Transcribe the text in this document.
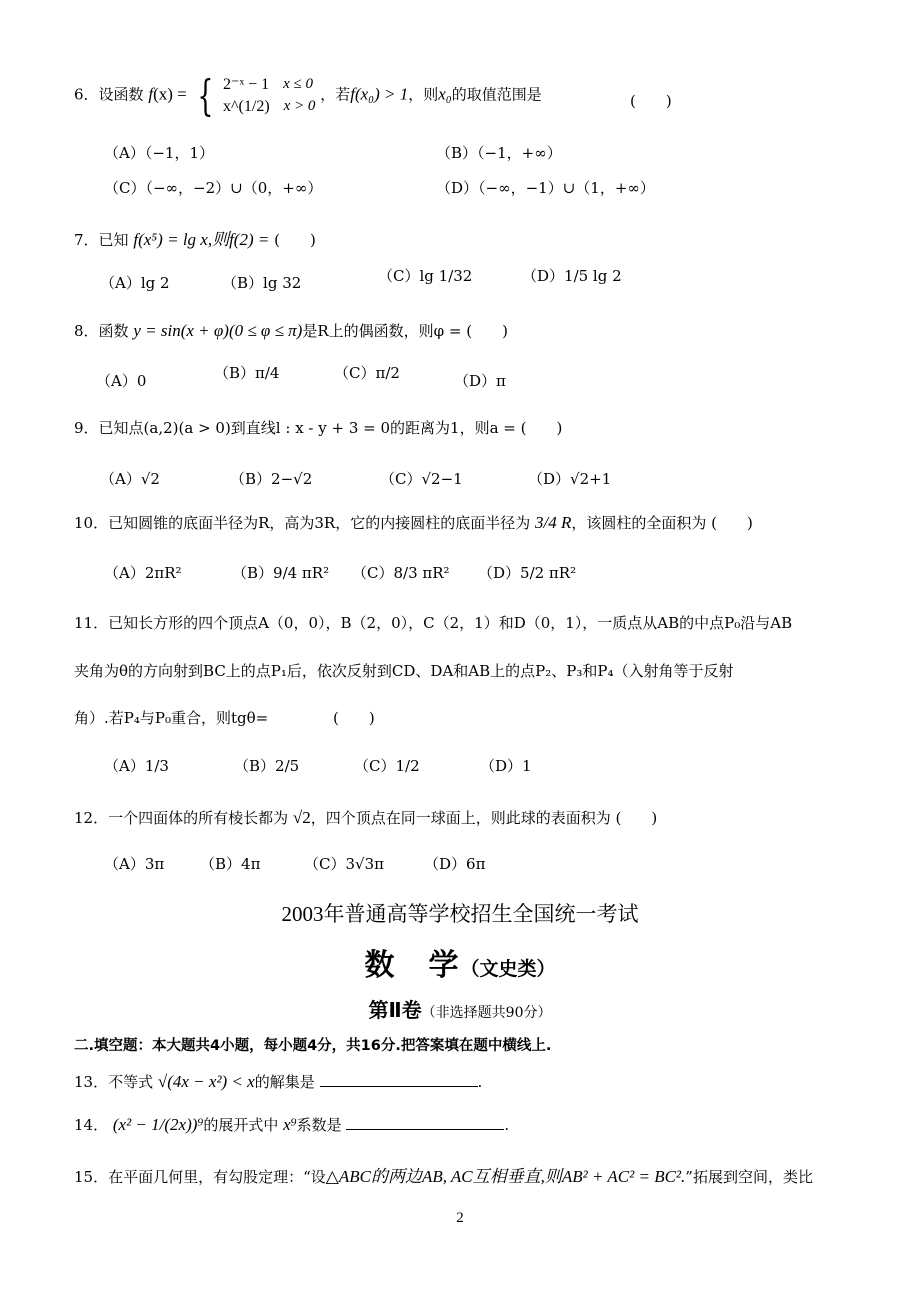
6．设函数 f(x) = { 2⁻ˣ − 1 x ≤ 0
x^(1/2) x > 0
，若f(x₀) > 1，则x₀的取值范围是	(　　)
（A）（−1，1）	（B）（−1，+∞）
（C）（−∞，−2）∪（0，+∞）	（D）（−∞，−1）∪（1，+∞）
7．已知 f(x⁵) = lg x,则f(2) = (　　)
（A）lg 2	（B）lg 32	（C）lg 1/32	（D）1/5 lg 2
8．函数 y = sin(x + φ)(0 ≤ φ ≤ π)是R上的偶函数，则φ = (　　)
（A）0	（B）π/4	（C）π/2	（D）π
9．已知点(a,2)(a > 0)到直线l : x - y + 3 = 0的距离为1，则a = (　　)
（A）√2	（B）2−√2	（C）√2−1	（D）√2+1
10．已知圆锥的底面半径为R，高为3R，它的内接圆柱的底面半径为 3/4 R，该圆柱的全面积为 (　　)
（A）2πR²	（B）9/4 πR² （C）8/3 πR² （D）5/2 πR²
11．已知长方形的四个顶点A（0，0），B（2，0），C（2，1）和D（0，1），一质点从AB的中点P₀沿与AB
夹角为θ的方向射到BC上的点P₁后，依次反射到CD、DA和AB上的点P₂、P₃和P₄（入射角等于反射
角）.若P₄与P₀重合，则tgθ=	(　　)
（A）1/3	（B）2/5	（C）1/2	（D）1
12．一个四面体的所有棱长都为 √2，四个顶点在同一球面上，则此球的表面积为 (　　)
（A）3π （B）4π	（C）3√3π	（D）6π
2003年普通高等学校招生全国统一考试
数　学（文史类）
第Ⅱ卷（非选择题共90分）
二.填空题：本大题共4小题，每小题4分，共16分.把答案填在题中横线上.
13．不等式 √(4x − x²) < x的解集是	.
14． (x² − 1/(2x))⁹的展开式中 x⁹系数是	.
15．在平面几何里，有勾股定理：“设△ABC的两边AB, AC互相垂直,则AB² + AC² = BC².”拓展到空间，类比
2
